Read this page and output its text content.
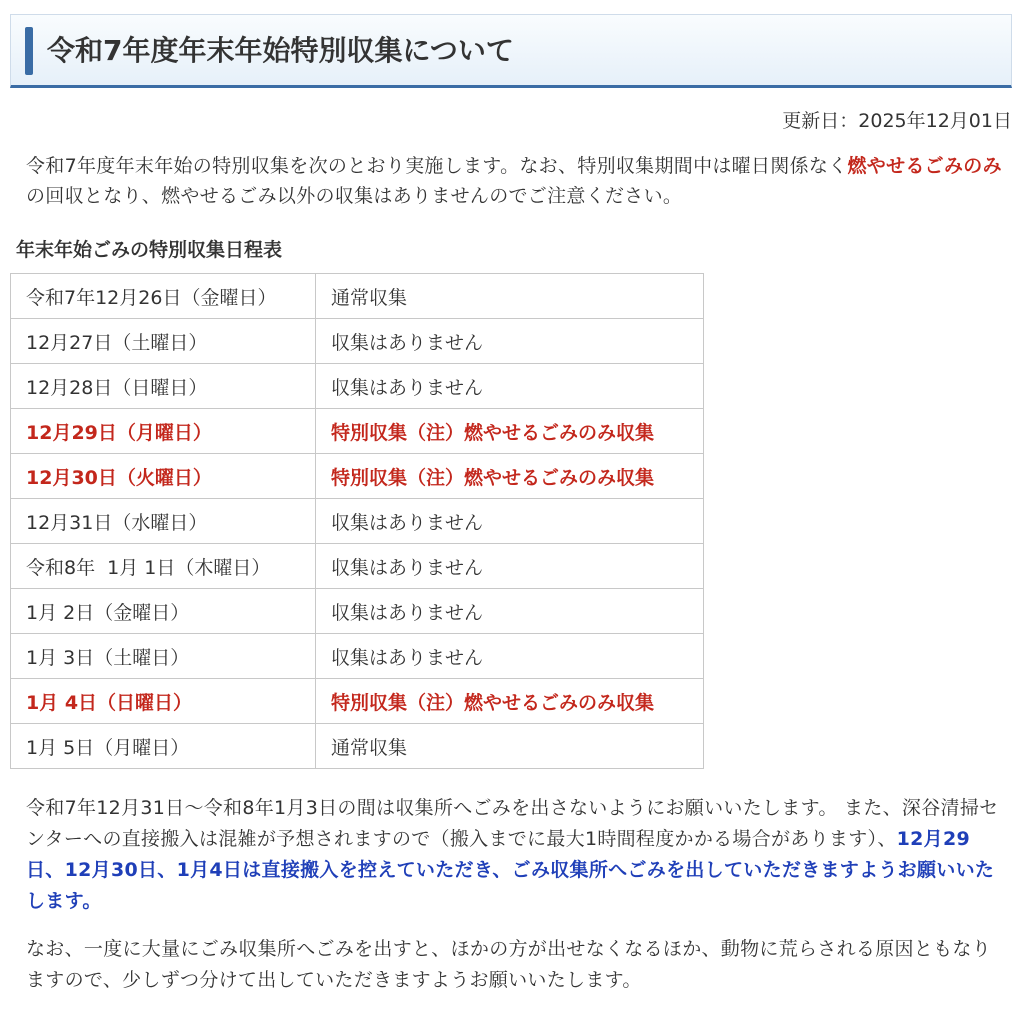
令和7年度年末年始特別収集について
更新日：2025年12月01日

令和7年度年末年始の特別収集を次のとおり実施します。なお、特別収集期間中は曜日関係なく燃やせるごみのみの回収となり、燃やせるごみ以外の収集はありませんのでご注意ください。

年末年始ごみの特別収集日程表
令和7年12月26日（金曜日）	通常収集
12月27日（土曜日）	収集はありません
12月28日（日曜日）	収集はありません
12月29日（月曜日）	特別収集（注）燃やせるごみのみ収集
12月30日（火曜日）	特別収集（注）燃やせるごみのみ収集
12月31日（水曜日）	収集はありません
令和8年  1月 1日（木曜日）	収集はありません
1月 2日（金曜日）	収集はありません
1月 3日（土曜日）	収集はありません
1月 4日（日曜日）	特別収集（注）燃やせるごみのみ収集
1月 5日（月曜日）	通常収集

令和7年12月31日～令和8年1月3日の間は収集所へごみを出さないようにお願いいたします。 また、深谷清掃センターへの直接搬入は混雑が予想されますので（搬入までに最大1時間程度かかる場合があります）、12月29日、12月30日、1月4日は直接搬入を控えていただき、ごみ収集所へごみを出していただきますようお願いいたします。

なお、一度に大量にごみ収集所へごみを出すと、ほかの方が出せなくなるほか、動物に荒らされる原因ともなりますので、少しずつ分けて出していただきますようお願いいたします。
